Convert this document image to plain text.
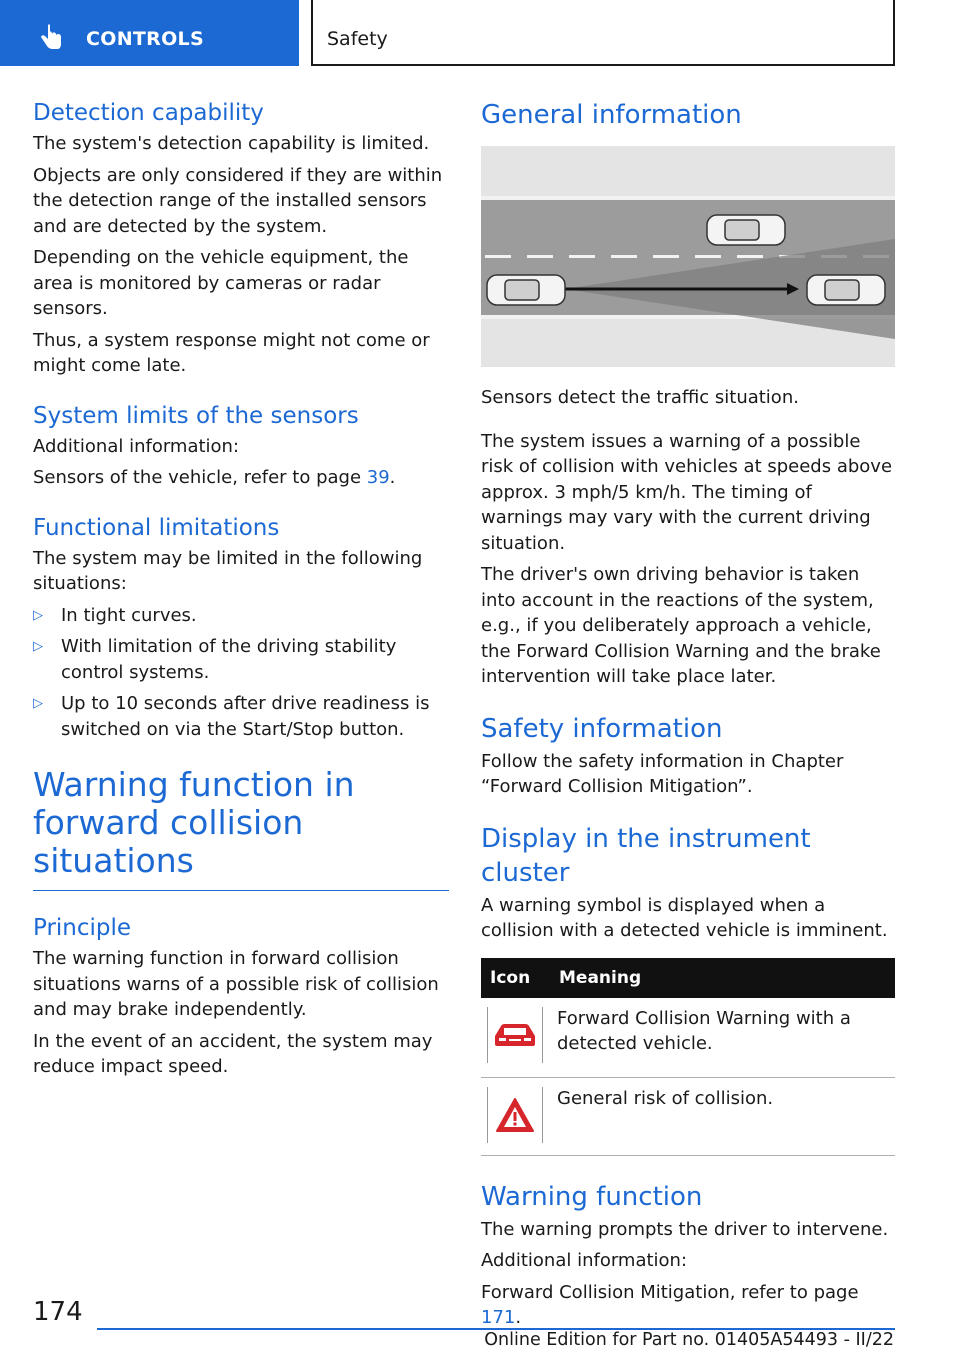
CONTROLS	Safety
Detection capability

The system's detection capability is limited.

Objects are only considered if they are within the detection range of the installed sensors and are detected by the system.

Depending on the vehicle equipment, the area is monitored by cameras or radar sensors.

Thus, a system response might not come or might come late.

System limits of the sensors

Additional information:

Sensors of the vehicle, refer to page 39.

Functional limitations

The system may be limited in the following situations:

▷ In tight curves.
▷ With limitation of the driving stability control systems.
▷ Up to 10 seconds after drive readiness is switched on via the Start/Stop button.
Warning function in forward collision situations
Principle

The warning function in forward collision situations warns of a possible risk of collision and may brake independently.

In the event of an accident, the system may reduce impact speed.

General information

Sensors detect the traffic situation.

The system issues a warning of a possible risk of collision with vehicles at speeds above approx. 3 mph/5 km/h. The timing of warnings may vary with the current driving situation.

The driver's own driving behavior is taken into account in the reactions of the system, e.g., if you deliberately approach a vehicle, the Forward Collision Warning and the brake intervention will take place later.

Safety information

Follow the safety information in Chapter “Forward Collision Mitigation”.

Display in the instrument cluster

A warning symbol is displayed when a collision with a detected vehicle is imminent.

Icon	Meaning

	Forward Collision Warning with a detected vehicle.

	General risk of collision.
Warning function

The warning prompts the driver to intervene.

Additional information:

Forward Collision Mitigation, refer to page 171.

174
Online Edition for Part no. 01405A54493 - II/22
